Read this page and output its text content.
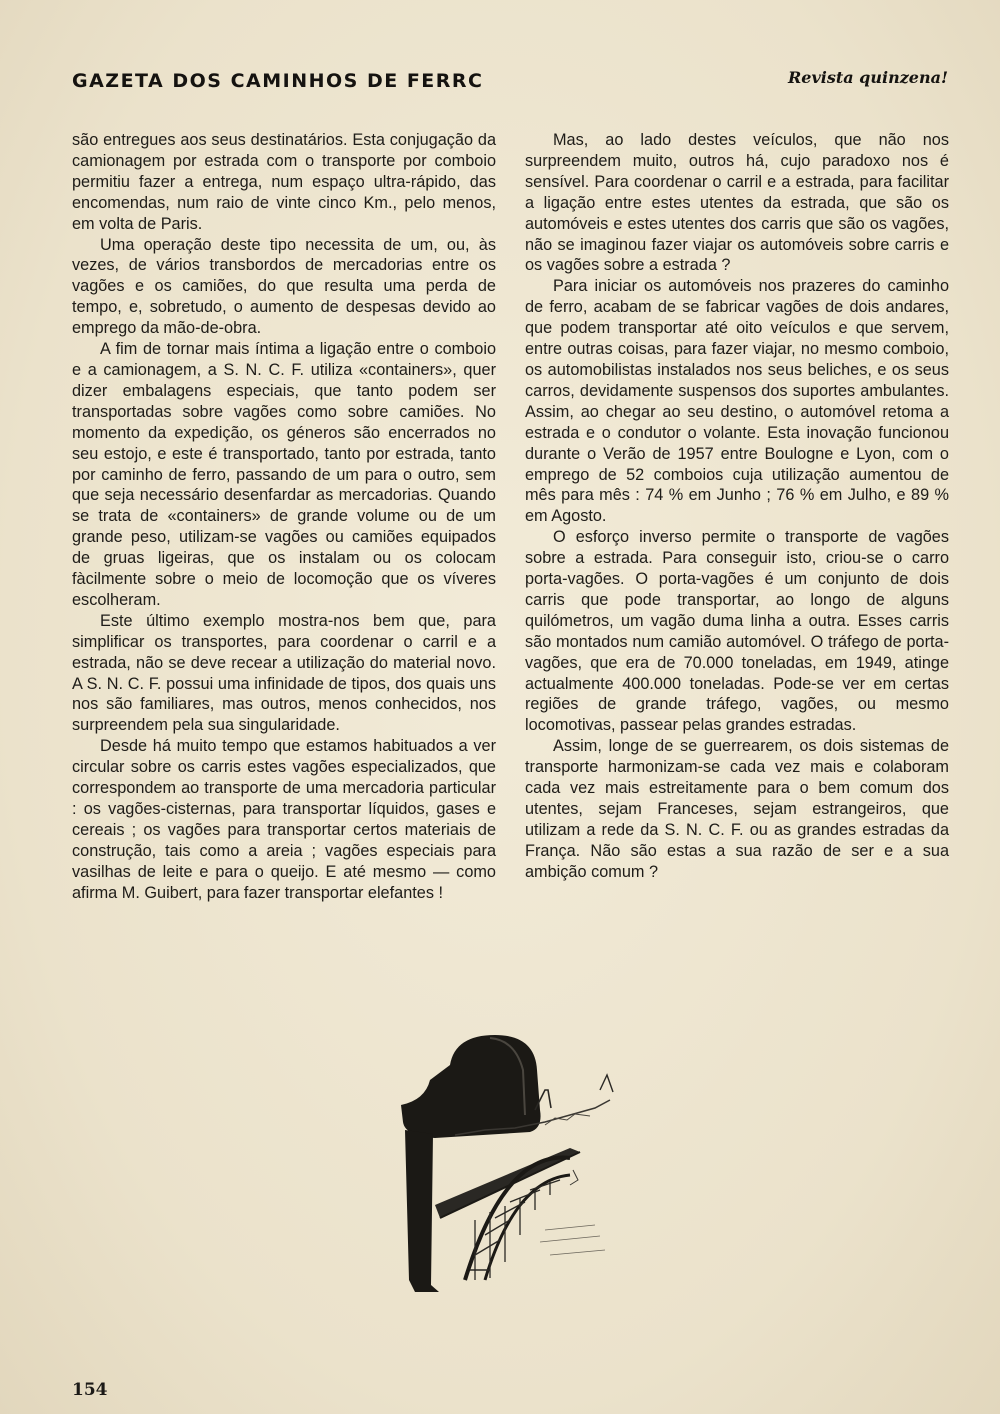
GAZETA DOS CAMINHOS DE FERRC	Revista quinzena!

são entregues aos seus destinatários. Esta conjugação da camionagem por estrada com o transporte por comboio permitiu fazer a entrega, num espaço ultra-rápido, das encomendas, num raio de vinte cinco Km., pelo menos, em volta de Paris.

Uma operação deste tipo necessita de um, ou, às vezes, de vários transbordos de mercadorias entre os vagões e os camiões, do que resulta uma perda de tempo, e, sobretudo, o aumento de despesas devido ao emprego da mão-de-obra.

A fim de tornar mais íntima a ligação entre o comboio e a camionagem, a S. N. C. F. utiliza «containers», quer dizer embalagens especiais, que tanto podem ser transportadas sobre vagões como sobre camiões. No momento da expedição, os géneros são encerrados no seu estojo, e este é transportado, tanto por estrada, tanto por caminho de ferro, passando de um para o outro, sem que seja necessário desenfardar as mercadorias. Quando se trata de «containers» de grande volume ou de um grande peso, utilizam-se vagões ou camiões equipados de gruas ligeiras, que os instalam ou os colocam fàcilmente sobre o meio de locomoção que os víveres escolheram.

Este último exemplo mostra-nos bem que, para simplificar os transportes, para coordenar o carril e a estrada, não se deve recear a utilização do material novo. A S. N. C. F. possui uma infinidade de tipos, dos quais uns nos são familiares, mas outros, menos conhecidos, nos surpreendem pela sua singularidade.

Desde há muito tempo que estamos habituados a ver circular sobre os carris estes vagões especializados, que correspondem ao transporte de uma mercadoria particular : os vagões-cisternas, para transportar líquidos, gases e cereais ; os vagões para transportar certos materiais de construção, tais como a areia ; vagões especiais para vasilhas de leite e para o queijo. E até mesmo — como afirma M. Guibert, para fazer transportar elefantes !

Mas, ao lado destes veículos, que não nos surpreendem muito, outros há, cujo paradoxo nos é sensível. Para coordenar o carril e a estrada, para facilitar a ligação entre estes utentes da estrada, que são os automóveis e estes utentes dos carris que são os vagões, não se imaginou fazer viajar os automóveis sobre carris e os vagões sobre a estrada ?

Para iniciar os automóveis nos prazeres do caminho de ferro, acabam de se fabricar vagões de dois andares, que podem transportar até oito veículos e que servem, entre outras coisas, para fazer viajar, no mesmo comboio, os automobilistas instalados nos seus beliches, e os seus carros, devidamente suspensos dos suportes ambulantes. Assim, ao chegar ao seu destino, o automóvel retoma a estrada e o condutor o volante. Esta inovação funcionou durante o Verão de 1957 entre Boulogne e Lyon, com o emprego de 52 comboios cuja utilização aumentou de mês para mês : 74 % em Junho ; 76 % em Julho, e 89 % em Agosto.

O esforço inverso permite o transporte de vagões sobre a estrada. Para conseguir isto, criou-se o carro porta-vagões. O porta-vagões é um conjunto de dois carris que pode transportar, ao longo de alguns quilómetros, um vagão duma linha a outra. Esses carris são montados num camião automóvel. O tráfego de porta-vagões, que era de 70.000 toneladas, em 1949, atinge actualmente 400.000 toneladas. Pode-se ver em certas regiões de grande tráfego, vagões, ou mesmo locomotivas, passear pelas grandes estradas.

Assim, longe de se guerrearem, os dois sistemas de transporte harmonizam-se cada vez mais e colaboram cada vez mais estreitamente para o bem comum dos utentes, sejam Franceses, sejam estrangeiros, que utilizam a rede da S. N. C. F. ou as grandes estradas da França. Não são estas a sua razão de ser e a sua ambição comum ?

154
